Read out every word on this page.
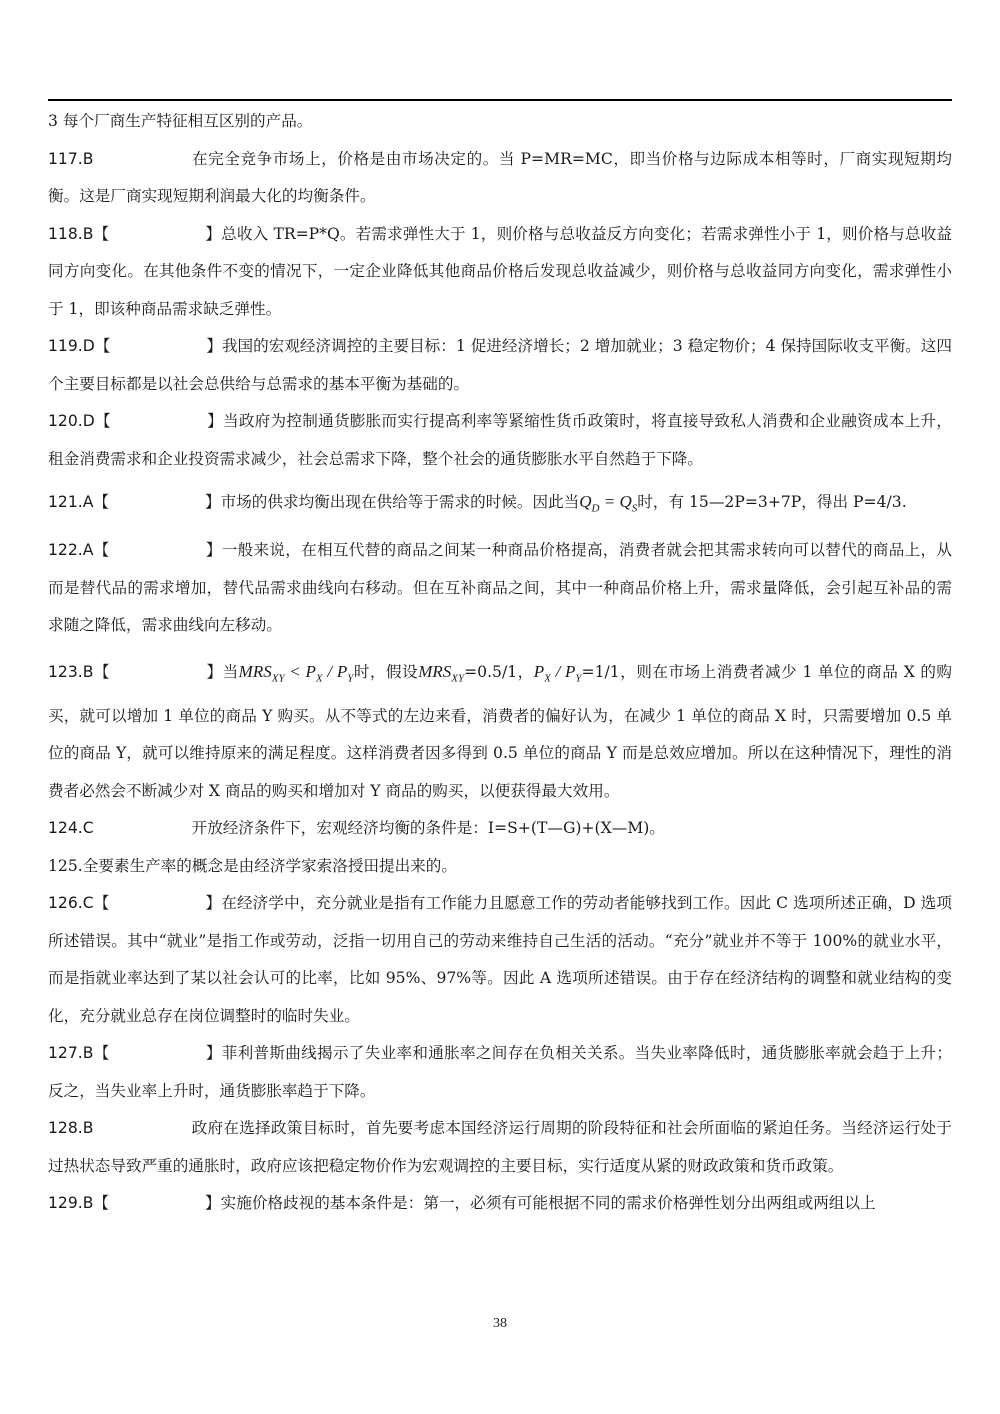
3 每个厂商生产特征相互区别的产品。

117.B	在完全竞争市场上，价格是由市场决定的。当 P=MR=MC，即当价格与边际成本相等时，厂商实现短期均衡。这是厂商实现短期利润最大化的均衡条件。

118.B【	】总收入 TR=P*Q。若需求弹性大于 1，则价格与总收益反方向变化；若需求弹性小于 1，则价格与总收益同方向变化。在其他条件不变的情况下，一定企业降低其他商品价格后发现总收益减少，则价格与总收益同方向变化，需求弹性小于 1，即该种商品需求缺乏弹性。

119.D【	】我国的宏观经济调控的主要目标：1 促进经济增长；2 增加就业；3 稳定物价；4 保持国际收支平衡。这四个主要目标都是以社会总供给与总需求的基本平衡为基础的。

120.D【	】当政府为控制通货膨胀而实行提高利率等紧缩性货币政策时，将直接导致私人消费和企业融资成本上升，租金消费需求和企业投资需求减少，社会总需求下降，整个社会的通货膨胀水平自然趋于下降。

121.A【	】市场的供求均衡出现在供给等于需求的时候。因此当$Q_D = Q_S$时，有 15—2P=3+7P，得出 P=4/3.

122.A【	】一般来说，在相互代替的商品之间某一种商品价格提高，消费者就会把其需求转向可以替代的商品上，从而是替代品的需求增加，替代品需求曲线向右移动。但在互补商品之间，其中一种商品价格上升，需求量降低，会引起互补品的需求随之降低，需求曲线向左移动。

123.B【	】当$MRS_{XY} < P_X / P_Y$时，假设$MRS_{XY}=0.5/1$，$P_X / P_Y=1/1$，则在市场上消费者减少 1 单位的商品 X 的购买，就可以增加 1 单位的商品 Y 购买。从不等式的左边来看，消费者的偏好认为，在减少 1 单位的商品 X 时，只需要增加 0.5 单位的商品 Y，就可以维持原来的满足程度。这样消费者因多得到 0.5 单位的商品 Y 而是总效应增加。所以在这种情况下，理性的消费者必然会不断减少对 X 商品的购买和增加对 Y 商品的购买，以便获得最大效用。

124.C	开放经济条件下，宏观经济均衡的条件是：I=S+(T—G)+(X—M)。

125.全要素生产率的概念是由经济学家索洛授田提出来的。

126.C【	】在经济学中，充分就业是指有工作能力且愿意工作的劳动者能够找到工作。因此 C 选项所述正确，D 选项所述错误。其中“就业”是指工作或劳动，泛指一切用自己的劳动来维持自己生活的活动。“充分”就业并不等于 100%的就业水平，而是指就业率达到了某以社会认可的比率，比如 95%、97%等。因此 A 选项所述错误。由于存在经济结构的调整和就业结构的变化，充分就业总存在岗位调整时的临时失业。

127.B【	】菲利普斯曲线揭示了失业率和通胀率之间存在负相关关系。当失业率降低时，通货膨胀率就会趋于上升；反之，当失业率上升时，通货膨胀率趋于下降。

128.B	政府在选择政策目标时，首先要考虑本国经济运行周期的阶段特征和社会所面临的紧迫任务。当经济运行处于过热状态导致严重的通胀时，政府应该把稳定物价作为宏观调控的主要目标，实行适度从紧的财政政策和货币政策。

129.B【	】实施价格歧视的基本条件是：第一，必须有可能根据不同的需求价格弹性划分出两组或两组以上

38
